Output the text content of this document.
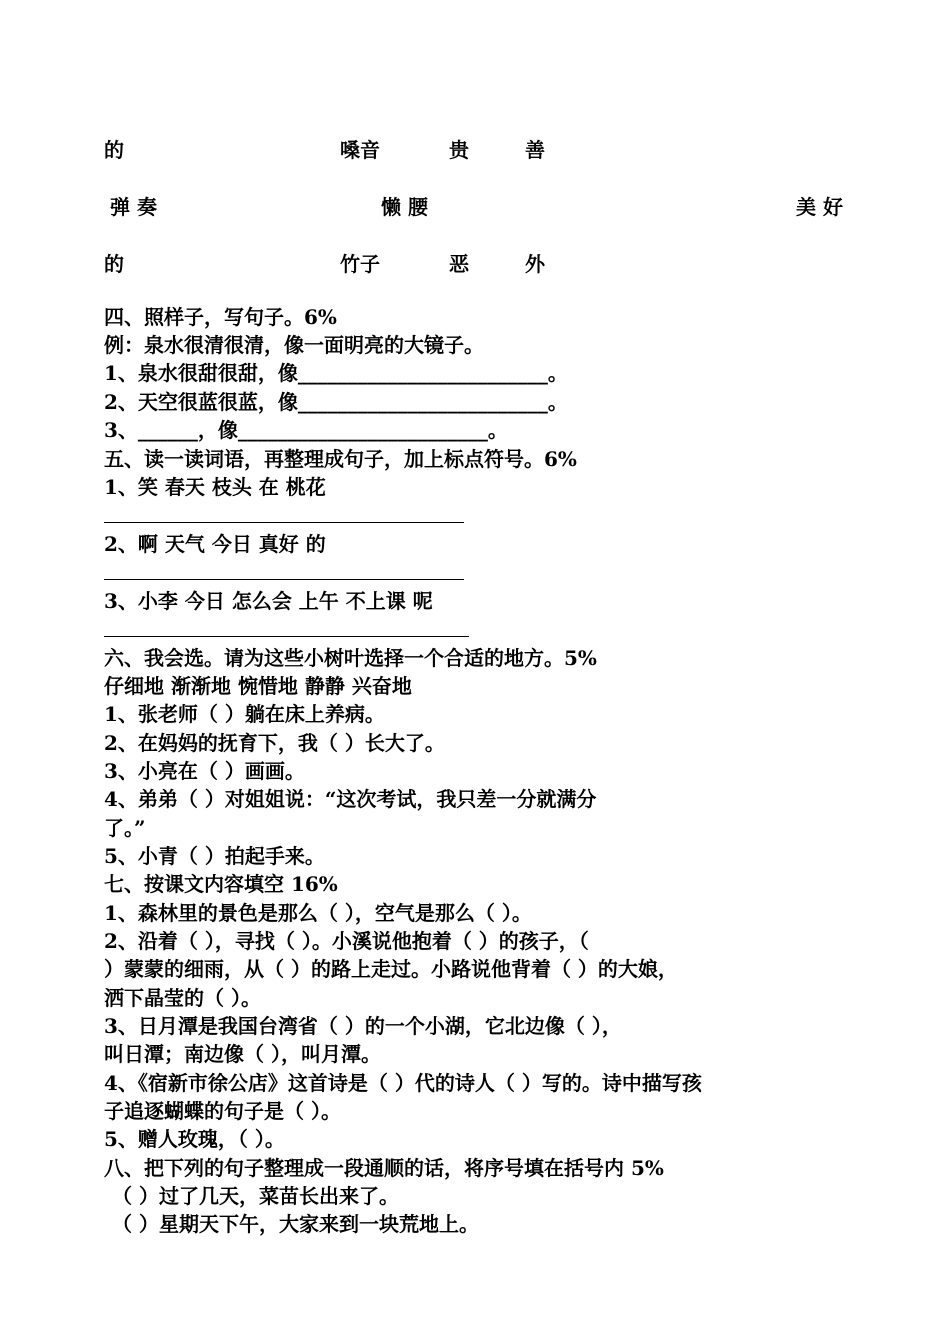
的	嗓音	贵	善
弹 奏	懒 腰	美 好
的	竹子	恶	外
四、照样子，写句子。6%
例：泉水很清很清，像一面明亮的大镜子。
1、泉水很甜很甜，像_________________________。
2、天空很蓝很蓝，像_________________________。
3、______，像_________________________。
五、读一读词语，再整理成句子，加上标点符号。6%
1、笑 春天 枝头 在 桃花
2、啊 天气 今日 真好 的
3、小李 今日 怎么会 上午 不上课 呢
六、我会选。请为这些小树叶选择一个合适的地方。5%
仔细地 渐渐地 惋惜地 静静 兴奋地
1、张老师（ ）躺在床上养病。
2、在妈妈的抚育下，我（ ）长大了。
3、小亮在（ ）画画。
4、弟弟（ ）对姐姐说：“这次考试，我只差一分就满分
了。”
5、小青（ ）拍起手来。
七、按课文内容填空 16%
1、森林里的景色是那么（ ），空气是那么（ ）。
2、沿着（ ），寻找（ ）。小溪说他抱着（ ）的孩子，（
）蒙蒙的细雨，从（ ）的路上走过。小路说他背着（ ）的大娘，
洒下晶莹的（ ）。
3、日月潭是我国台湾省（ ）的一个小湖，它北边像（ ），
叫日潭；南边像（ ），叫月潭。
4、《宿新市徐公店》这首诗是（ ）代的诗人（ ）写的。诗中描写孩
子追逐蝴蝶的句子是（ ）。
5、赠人玫瑰，（ ）。
八、把下列的句子整理成一段通顺的话，将序号填在括号内 5%
（ ）过了几天，菜苗长出来了。
（ ）星期天下午，大家来到一块荒地上。
